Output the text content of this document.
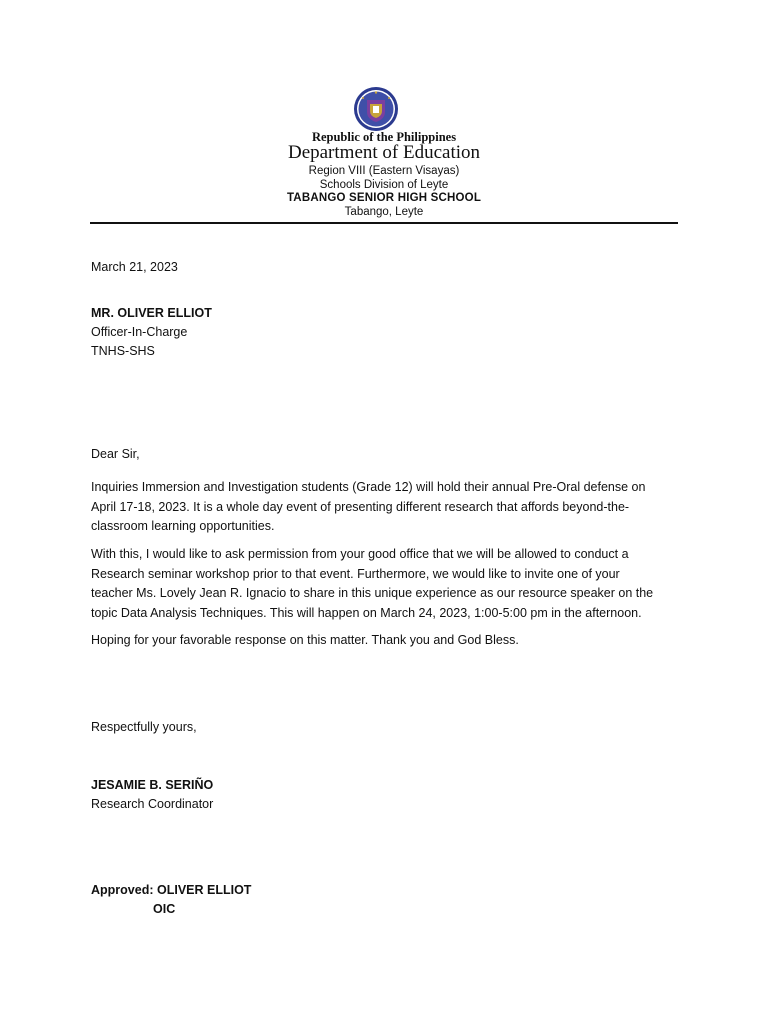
Republic of the Philippines
Department of Education
Region VIII (Eastern Visayas)
Schools Division of Leyte
TABANGO SENIOR HIGH SCHOOL
Tabango, Leyte
March 21, 2023
MR. OLIVER ELLIOT
Officer-In-Charge
TNHS-SHS
Dear Sir,
Inquiries Immersion and Investigation students (Grade 12) will hold their annual Pre-Oral defense on
April 17-18, 2023. It is a whole day event of presenting different research that affords beyond-the-
classroom learning opportunities.
With this, I would like to ask permission from your good office that we will be allowed to conduct a
Research seminar workshop prior to that event. Furthermore, we would like to invite one of your
teacher Ms. Lovely Jean R. Ignacio to share in this unique experience as our resource speaker on the
topic Data Analysis Techniques. This will happen on March 24, 2023, 1:00-5:00 pm in the afternoon.
Hoping for your favorable response on this matter. Thank you and God Bless.
Respectfully yours,
JESAMIE B. SERIÑO
Research Coordinator
Approved: OLIVER ELLIOT
OIC
